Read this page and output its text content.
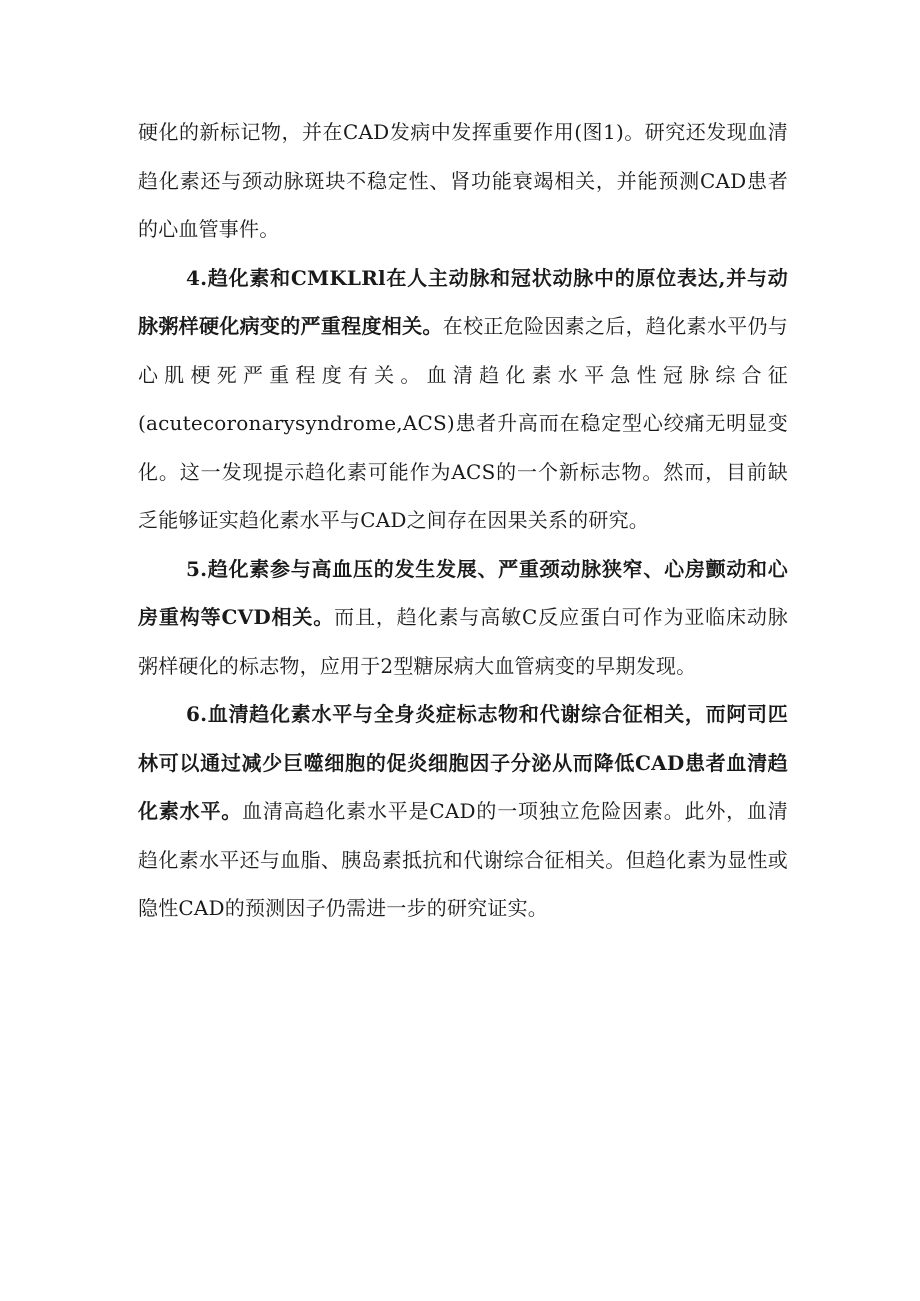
硬化的新标记物，并在CAD发病中发挥重要作用(图1)。研究还发现血清趋化素还与颈动脉斑块不稳定性、肾功能衰竭相关，并能预测CAD患者的心血管事件。

4.趋化素和CMKLRl在人主动脉和冠状动脉中的原位表达,并与动脉粥样硬化病变的严重程度相关。在校正危险因素之后，趋化素水平仍与心肌梗死严重程度有关。血清趋化素水平急性冠脉综合征(acutecoronarysyndrome,ACS)患者升高而在稳定型心绞痛无明显变化。这一发现提示趋化素可能作为ACS的一个新标志物。然而，目前缺乏能够证实趋化素水平与CAD之间存在因果关系的研究。

5.趋化素参与高血压的发生发展、严重颈动脉狭窄、心房颤动和心房重构等CVD相关。而且，趋化素与高敏C反应蛋白可作为亚临床动脉粥样硬化的标志物，应用于2型糖尿病大血管病变的早期发现。

6.血清趋化素水平与全身炎症标志物和代谢综合征相关，而阿司匹林可以通过减少巨噬细胞的促炎细胞因子分泌从而降低CAD患者血清趋化素水平。血清高趋化素水平是CAD的一项独立危险因素。此外，血清趋化素水平还与血脂、胰岛素抵抗和代谢综合征相关。但趋化素为显性或隐性CAD的预测因子仍需进一步的研究证实。
